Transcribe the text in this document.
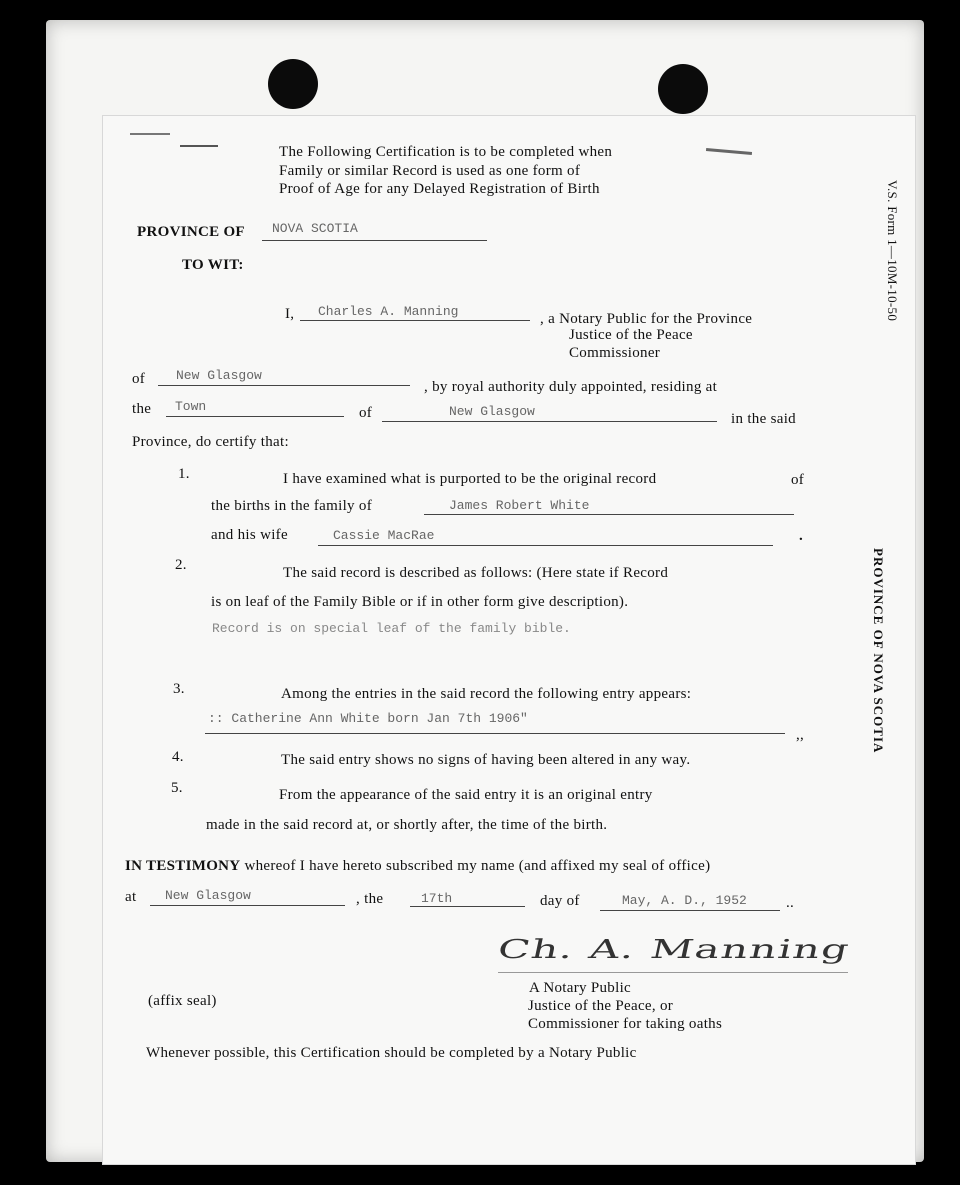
V.S. Form 1—10M-10-50
PROVINCE OF NOVA SCOTIA
The Following Certification is to be completed when
Family or similar Record is used as one form of
Proof of Age for any Delayed Registration of Birth
PROVINCE OF NOVA SCOTIA
TO WIT:
I, Charles A. Manning	, a Notary Public for the Province
Justice of the Peace
Commissioner
of New Glasgow
, by royal authority duly appointed, residing at
the Town	of	New Glasgow	in the said
Province, do certify that:
1.	I have examined what is purported to be the original record	of
the births in the family of	James Robert White
and his wife	Cassie MacRae	.
2.	The said record is described as follows: (Here state if Record
is on leaf of the Family Bible or if in other form give description).
Record is on special leaf of the family bible.
3.	Among the entries in the said record the following entry appears:
:: Catherine Ann White born Jan 7th 1906"
,,
4.	The said entry shows no signs of having been altered in any way.
5.	From the appearance of the said entry it is an original entry
made in the said record at, or shortly after, the time of the birth.
IN TESTIMONY whereof I have hereto subscribed my name (and affixed my seal of office)
at New Glasgow	, the	17th	day of	May, A. D., 1952	..
Ch. A. Manning
A Notary Public
Justice of the Peace, or
Commissioner for taking oaths
(affix seal)
Whenever possible, this Certification should be completed by a Notary Public
